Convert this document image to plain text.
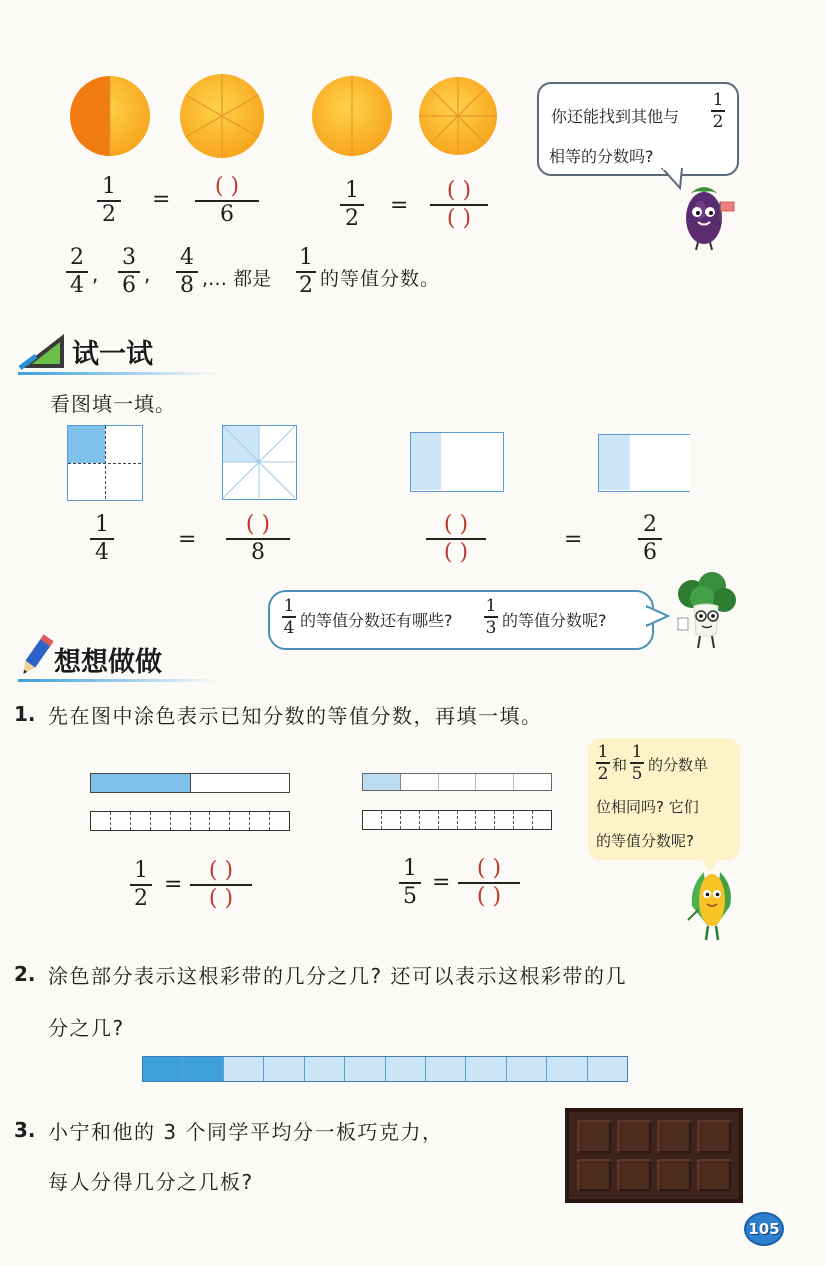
1
2
=
( )
6
1
2 =
( )
( )
你还能找到其他与
1
2
相等的分数吗?
2
4 ,
3
6 ,
4
8 ,… 都是
1
2 的等值分数。
试一试
看图填一填。
1
4	=
( )
8
( )
( )	=
2
6
1
4 的等值分数还有哪些?
1
3 的等值分数呢?
想想做做
1. 先在图中涂色表示已知分数的等值分数，再填一填。
1
2
=
( )
( )
1
5
=
( )
( )
1
2 和
1
5 的分数单
位相同吗? 它们
的等值分数呢?
2. 涂色部分表示这根彩带的几分之几? 还可以表示这根彩带的几
分之几?
3. 小宁和他的 3 个同学平均分一板巧克力，
每人分得几分之几板?
105
